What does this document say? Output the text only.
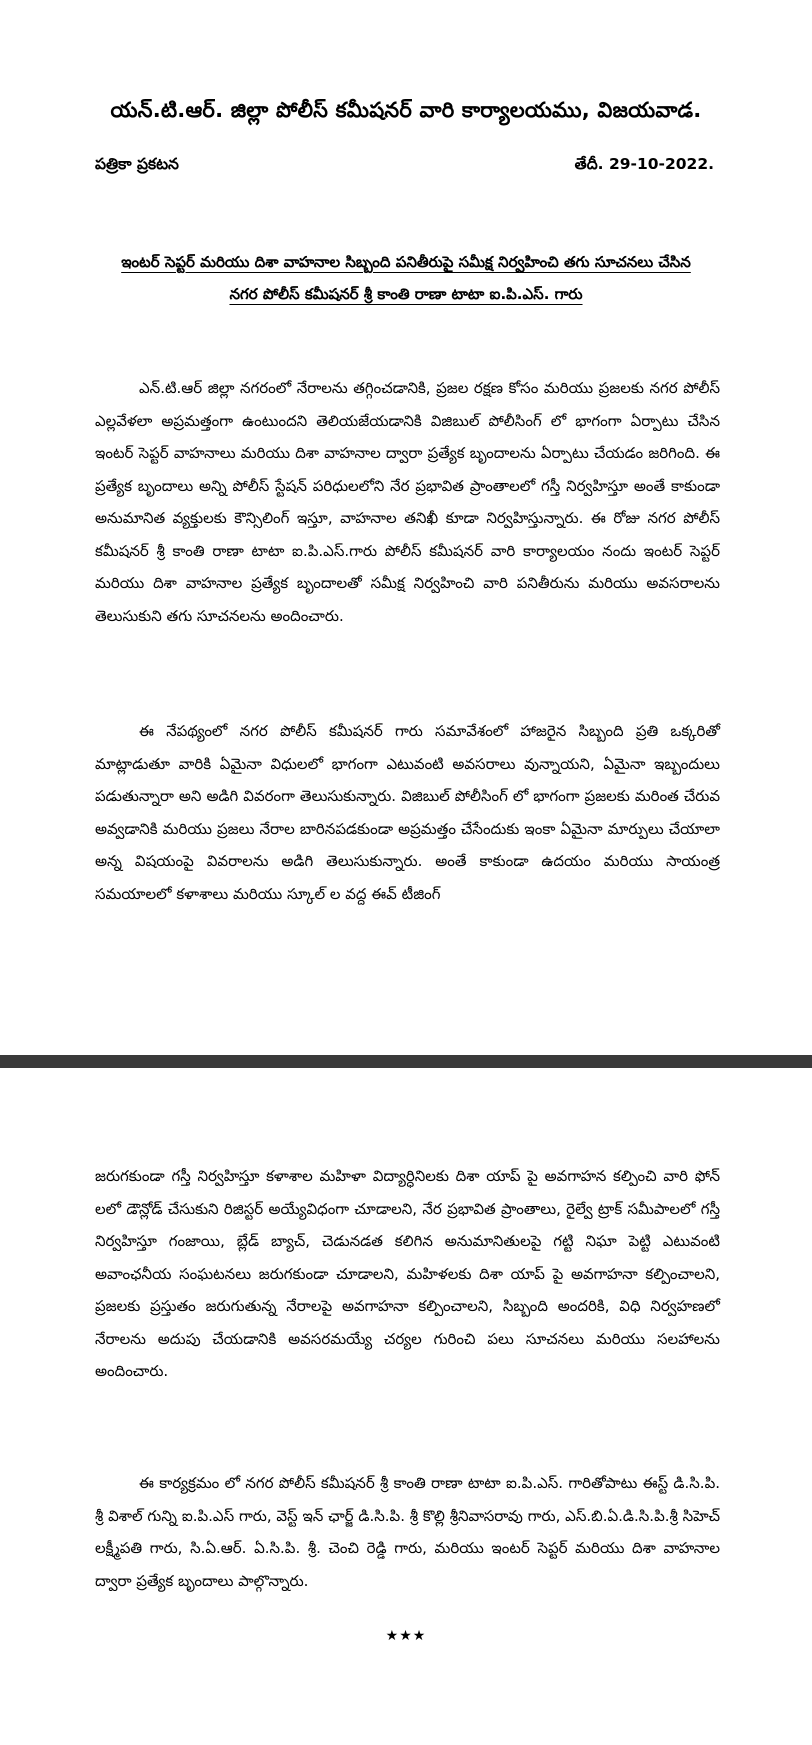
యన్.టి.ఆర్. జిల్లా పోలీస్ కమీషనర్ వారి కార్యాలయము, విజయవాడ.
పత్రికా ప్రకటన	తేదీ. 29-10-2022.
ఇంటర్ సెప్టర్ మరియు దిశా వాహనాల సిబ్బంది పనితీరుపై సమీక్ష నిర్వహించి తగు సూచనలు చేసిన
నగర పోలీస్ కమీషనర్ శ్రీ కాంతి రాణా టాటా ఐ.పి.ఎస్. గారు
ఎన్.టి.ఆర్ జిల్లా నగరంలో నేరాలను తగ్గించడానికి, ప్రజల రక్షణ కోసం మరియు ప్రజలకు నగర పోలీస్ ఎల్లవేళలా అప్రమత్తంగా ఉంటుందని తెలియజేయడానికి విజిబుల్ పోలీసింగ్ లో భాగంగా ఏర్పాటు చేసిన ఇంటర్ సెప్టర్ వాహనాలు మరియు దిశా వాహనాల ద్వారా ప్రత్యేక బృందాలను ఏర్పాటు చేయడం జరిగింది. ఈ ప్రత్యేక బృందాలు అన్ని పోలీస్ స్టేషన్ పరిధులలోని నేర ప్రభావిత ప్రాంతాలలో గస్తీ నిర్వహిస్తూ అంతే కాకుండా అనుమానిత వ్యక్తులకు కౌన్సిలింగ్ ఇస్తూ, వాహనాల తనిఖీ కూడా నిర్వహిస్తున్నారు. ఈ రోజు నగర పోలీస్ కమీషనర్ శ్రీ కాంతి రాణా టాటా ఐ.పి.ఎస్.గారు పోలీస్ కమీషనర్ వారి కార్యాలయం నందు ఇంటర్ సెప్టర్ మరియు దిశా వాహనాల ప్రత్యేక బృందాలతో సమీక్ష నిర్వహించి వారి పనితీరును మరియు అవసరాలను తెలుసుకుని తగు సూచనలను అందించారు.
ఈ నేపథ్యంలో నగర పోలీస్ కమీషనర్ గారు సమావేశంలో హాజరైన సిబ్బంది ప్రతి ఒక్కరితో మాట్లాడుతూ వారికి ఏమైనా విధులలో భాగంగా ఎటువంటి అవసరాలు వున్నాయని, ఏమైనా ఇబ్బందులు పడుతున్నారా అని అడిగి వివరంగా తెలుసుకున్నారు. విజిబుల్ పోలీసింగ్ లో భాగంగా ప్రజలకు మరింత చేరువ అవ్వడానికి మరియు ప్రజలు నేరాల బారినపడకుండా అప్రమత్తం చేసేందుకు ఇంకా ఏమైనా మార్పులు చేయాలా అన్న విషయంపై వివరాలను అడిగి తెలుసుకున్నారు. అంతే కాకుండా ఉదయం మరియు సాయంత్ర సమయాలలో కళాశాలు మరియు స్కూల్ ల వద్ద ఈవ్ టీజింగ్
జరుగకుండా గస్తీ నిర్వహిస్తూ కళాశాల మహిళా విద్యార్ధినిలకు దిశా యాప్ పై అవగాహన కల్పించి వారి ఫోన్ లలో డౌన్లోడ్ చేసుకుని రిజిస్టర్ అయ్యేవిధంగా చూడాలని, నేర ప్రభావిత ప్రాంతాలు, రైల్వే ట్రాక్ సమీపాలలో గస్తీ నిర్వహిస్తూ గంజాయి, బ్లేడ్ బ్యాచ్, చెడునడత కలిగిన అనుమానితులపై గట్టి నిఘా పెట్టి ఎటువంటి అవాంఛనీయ సంఘటనలు జరుగకుండా చూడాలని, మహిళలకు దిశా యాప్ పై అవగాహనా కల్పించాలని, ప్రజలకు ప్రస్తుతం జరుగుతున్న నేరాలపై అవగాహనా కల్పించాలని, సిబ్బంది అందరికి, విధి నిర్వహణలో నేరాలను అదుపు చేయడానికి అవసరమయ్యే చర్యల గురించి పలు సూచనలు మరియు సలహాలను అందించారు.
ఈ కార్యక్రమం లో నగర పోలీస్ కమీషనర్ శ్రీ కాంతి రాణా టాటా ఐ.పి.ఎస్. గారితోపాటు ఈస్ట్ డి.సి.పి. శ్రీ విశాల్ గున్ని ఐ.పి.ఎస్ గారు, వెస్ట్ ఇన్ ఛార్జ్ డి.సి.పి. శ్రీ కొల్లి శ్రీనివాసరావు గారు, ఎస్.బి.ఏ.డి.సి.పి.శ్రీ సిహెచ్ లక్ష్మీపతి గారు, సి.ఏ.ఆర్. ఏ.సి.పి. శ్రీ. చెంచి రెడ్డి గారు, మరియు ఇంటర్ సెప్టర్ మరియు దిశా వాహనాల ద్వారా ప్రత్యేక బృందాలు పాల్గొన్నారు.
★★★
